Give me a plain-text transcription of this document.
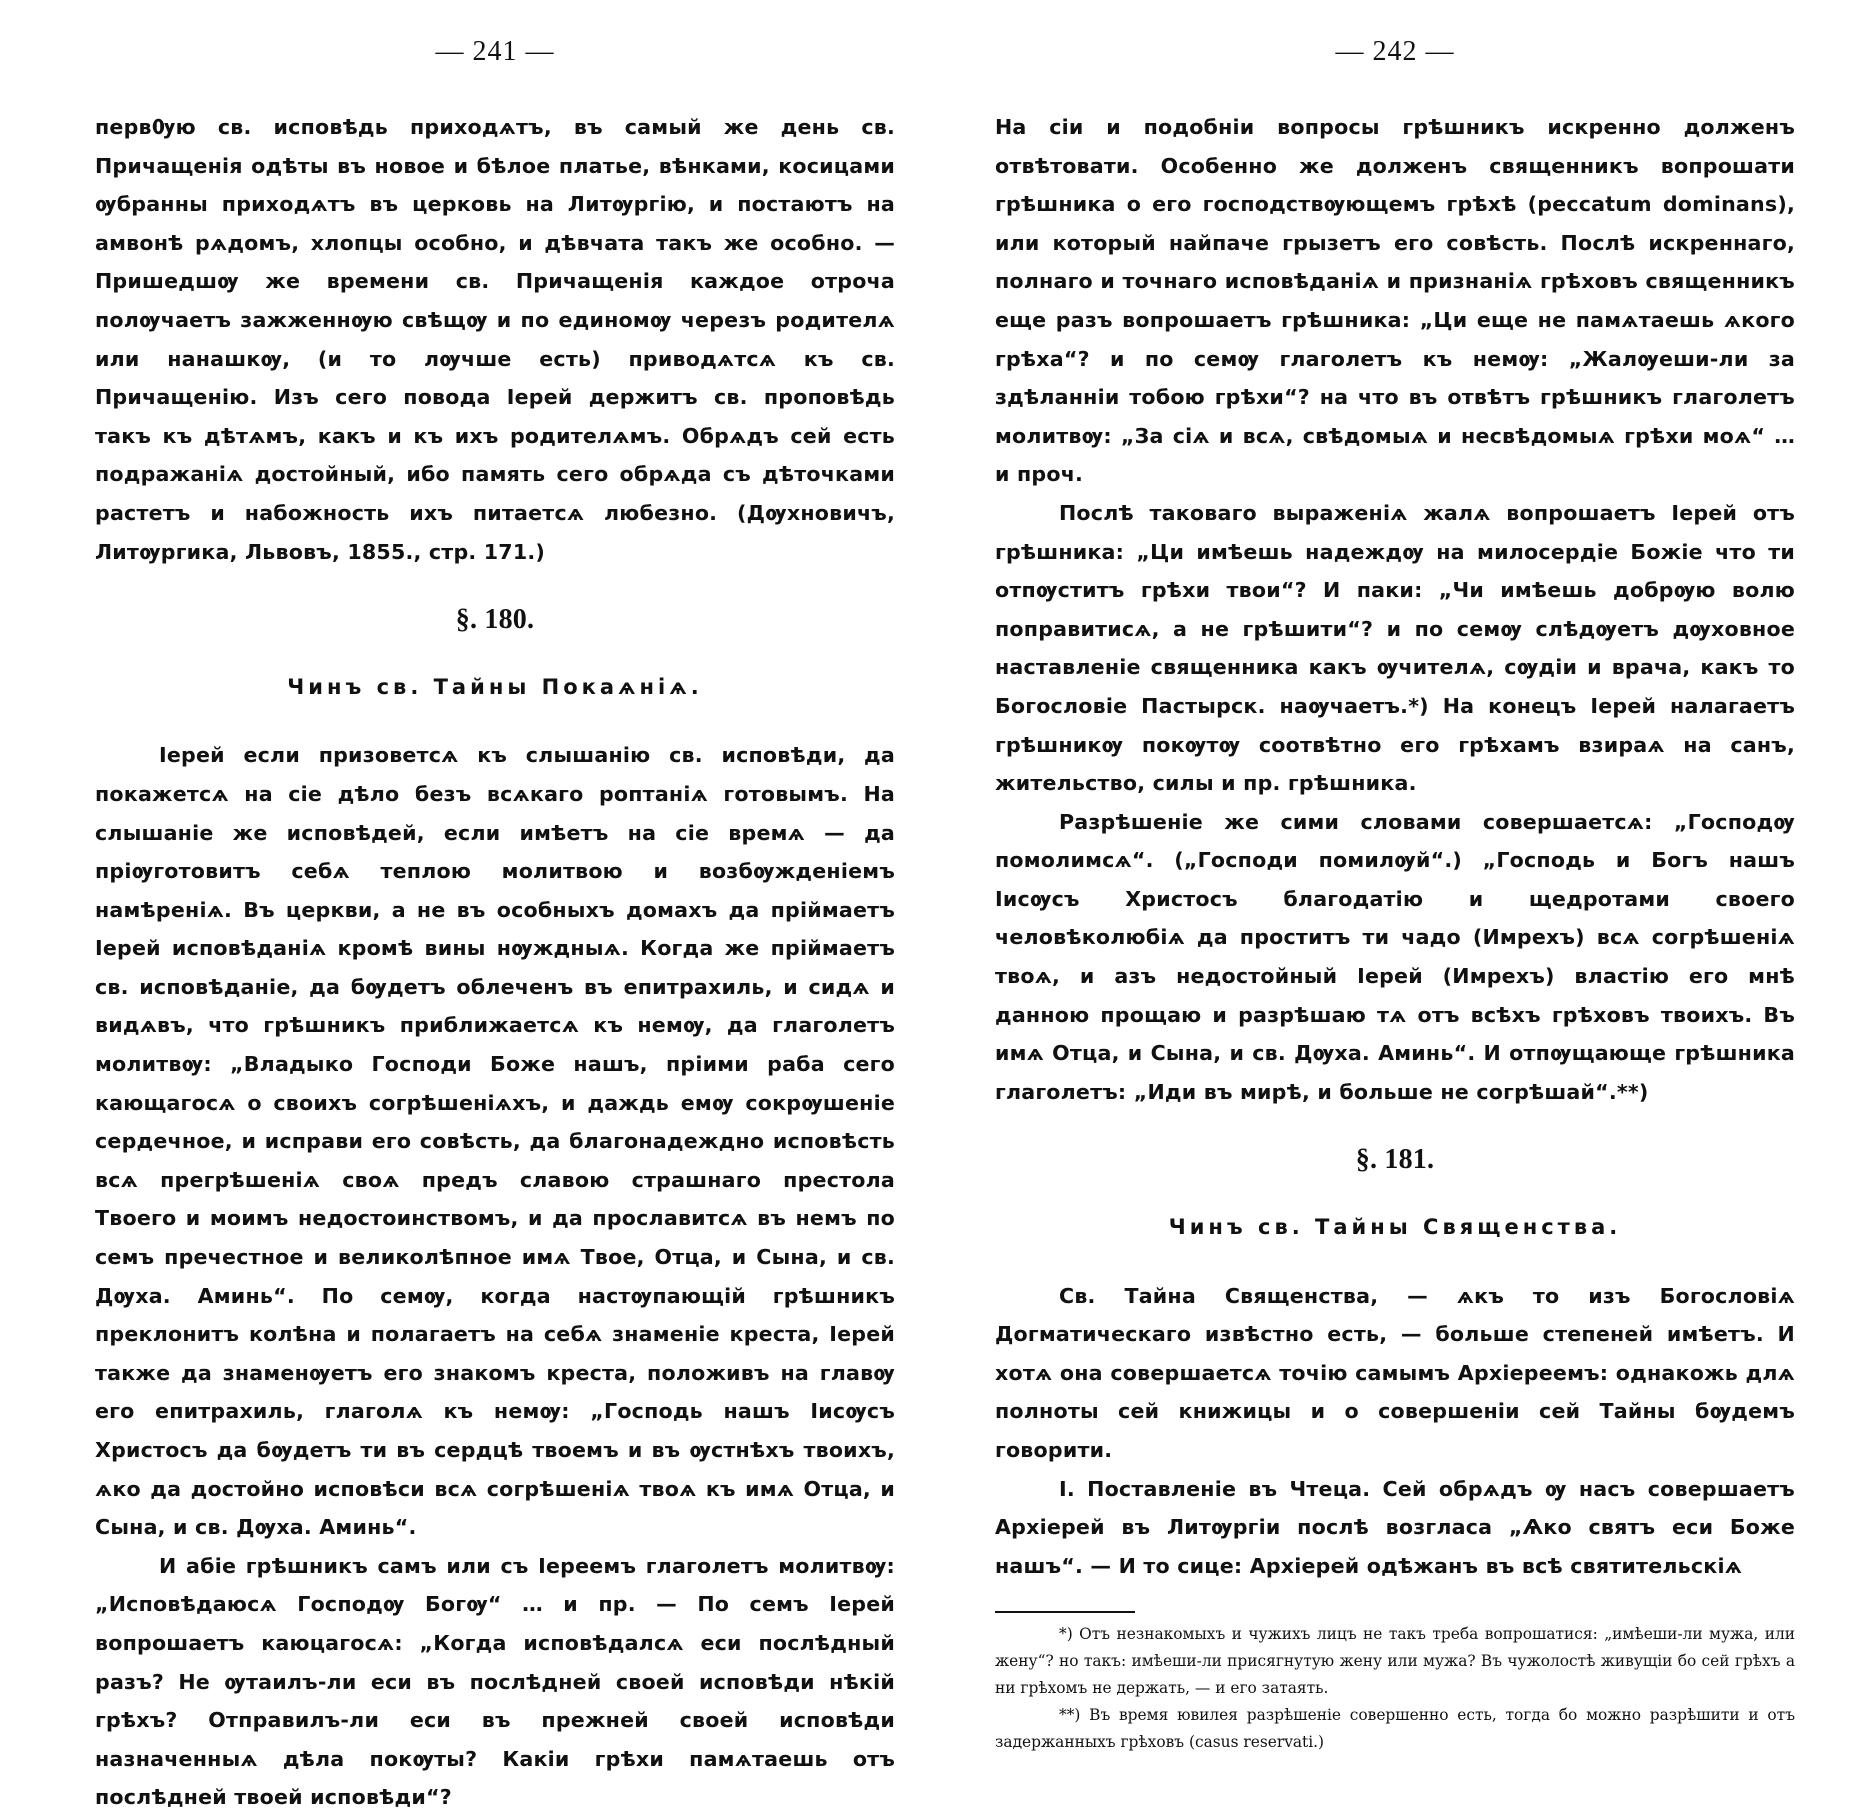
— 241 —

первѸю св. исповѣдь приходѧтъ, въ самый же день св. Причащенія одѣты въ новое и бѣлое платье, вѣнками, косицами ѹбранны приходѧтъ въ церковь на Литѹргію, и постаютъ на амвонѣ рѧдомъ, хлопцы особно, и дѣвчата такъ же особно. — Пришедшѹ же времени св. Причащенія каждое отроча полѹчаетъ зажженнѹю свѣщѹ и по единомѹ черезъ родителѧ или нанашкѹ, (и то лѹчше есть) приводѧтсѧ къ св. Причащенію. Изъ сего повода Іерей держитъ св. проповѣдь такъ къ дѣтѧмъ, какъ и къ ихъ родителѧмъ. Обрѧдъ сей есть подражаніѧ достойный, ибо память сего обрѧда съ дѣточками растетъ и набожность ихъ питаетсѧ любезно. (Дѹхновичъ, Литѹргика, Львовъ, 1855., стр. 171.)

§. 180.
Чинъ св. Тайны Покаѧніѧ.

Іерей если призоветсѧ къ слышанію св. исповѣди, да покажетсѧ на сіе дѣло безъ всѧкаго роптаніѧ готовымъ. На слышаніе же исповѣдей, если имѣетъ на сіе времѧ — да пріѹготовитъ себѧ теплою молитвою и возбѹжденіемъ намѣреніѧ. Въ церкви, а не въ особныхъ домахъ да пріймаетъ Іерей исповѣданіѧ кромѣ вины нѹждныѧ. Когда же пріймаетъ св. исповѣданіе, да бѹдетъ облеченъ въ епитрахиль, и сидѧ и видѧвъ, что грѣшникъ приближаетсѧ къ немѹ, да глаголетъ молитвѹ: „Владыко Господи Боже нашъ, пріими раба сего кающагосѧ о своихъ согрѣшеніѧхъ, и даждь емѹ сокрѹшеніе сердечное, и исправи его совѣсть, да благонадеждно исповѣсть всѧ прегрѣшеніѧ своѧ предъ славою страшнаго престола Твоего и моимъ недостоинствомъ, и да прославитсѧ въ немъ по семъ пречестное и великолѣпное имѧ Твое, Отца, и Сына, и св. Дѹха. Аминь“. По семѹ, когда настѹпающій грѣшникъ преклонитъ колѣна и полагаетъ на себѧ знаменіе креста, Іерей также да знаменѹетъ его знакомъ креста, положивъ на главѹ его епитрахиль, глаголѧ къ немѹ: „Господь нашъ Іисѹсъ Христосъ да бѹдетъ ти въ сердцѣ твоемъ и въ ѹстнѣхъ твоихъ, ѧко да достойно исповѣси всѧ согрѣшеніѧ твоѧ къ имѧ Отца, и Сына, и св. Дѹха. Аминь“.

И абіе грѣшникъ самъ или съ Іереемъ глаголетъ молитвѹ: „Исповѣдаюсѧ Господѹ Богѹ“ … и пр. — По семъ Іерей вопрошаетъ каюцагосѧ: „Когда исповѣдалсѧ еси послѣдный разъ? Не ѹтаилъ-ли еси въ послѣдней своей исповѣди нѣкій грѣхъ? Отправилъ-ли еси въ прежней своей исповѣди назначенныѧ дѣла покѹты? Какіи грѣхи памѧтаешь отъ послѣдней твоей исповѣди“?

— 242 —

На сіи и подобніи вопросы грѣшникъ искренно долженъ отвѣтовати. Особенно же долженъ священникъ вопрошати грѣшника о его господствѹющемъ грѣхѣ (peccatum dominans), или который найпаче грызетъ его совѣсть. Послѣ искреннаго, полнаго и точнаго исповѣданіѧ и признаніѧ грѣховъ священникъ еще разъ вопрошаетъ грѣшника: „Ци еще не памѧтаешь ѧкого грѣха“? и по семѹ глаголетъ къ немѹ: „Жалѹеши-ли за здѣланніи тобою грѣхи“? на что въ отвѣтъ грѣшникъ глаголетъ молитвѹ: „За сіѧ и всѧ, свѣдомыѧ и несвѣдомыѧ грѣхи моѧ“ … и проч.

Послѣ таковаго выраженіѧ жалѧ вопрошаетъ Іерей отъ грѣшника: „Ци имѣешь надеждѹ на милосердіе Божіе что ти отпѹститъ грѣхи твои“? И паки: „Чи имѣешь добрѹю волю поправитисѧ, а не грѣшити“? и по семѹ слѣдѹетъ дѹховное наставленіе священника какъ ѹчителѧ, сѹдіи и врача, какъ то Богословіе Пастырск. наѹчаетъ.*) На конецъ Іерей налагаетъ грѣшникѹ покѹтѹ соотвѣтно его грѣхамъ взираѧ на санъ, жительство, силы и пр. грѣшника.

Разрѣшеніе же сими словами совершаетсѧ: „Господѹ помолимсѧ“. („Господи помилѹй“.) „Господь и Богъ нашъ Іисѹсъ Христосъ благодатію и щедротами своего человѣколюбіѧ да проститъ ти чадо (Имрехъ) всѧ согрѣшеніѧ твоѧ, и азъ недостойный Іерей (Имрехъ) властію его мнѣ данною прощаю и разрѣшаю тѧ отъ всѣхъ грѣховъ твоихъ. Въ имѧ Отца, и Сына, и св. Дѹха. Аминь“. И отпѹщающе грѣшника глаголетъ: „Иди въ мирѣ, и больше не согрѣшай“.**)

§. 181.
Чинъ св. Тайны Священства.

Св. Тайна Священства, — ѧкъ то изъ Богословіѧ Догматическаго извѣстно есть, — больше степеней имѣетъ. И хотѧ она совершаетсѧ точію самымъ Архіереемъ: однакожь длѧ полноты сей книжицы и о совершеніи сей Тайны бѹдемъ говорити.

І. Поставленіе въ Чтеца. Сей обрѧдъ ѹ насъ совершаетъ Архіерей въ Литѹргіи послѣ возгласа „Ѧко святъ еси Боже нашъ“. — И то сице: Архіерей одѣжанъ въ всѣ святительскіѧ

*) Отъ незнакомыхъ и чужихъ лицъ не такъ треба вопрошатися: „имѣеши-ли мужа, или жену“? но такъ: имѣеши-ли присягнутую жену или мужа? Въ чужолостѣ живущіи бо сей грѣхъ а ни грѣхомъ не держать, — и его затаять.

**) Въ время ювилея разрѣшеніе совершенно есть, тогда бо можно разрѣшити и отъ задержанныхъ грѣховъ (casus reservati.)
